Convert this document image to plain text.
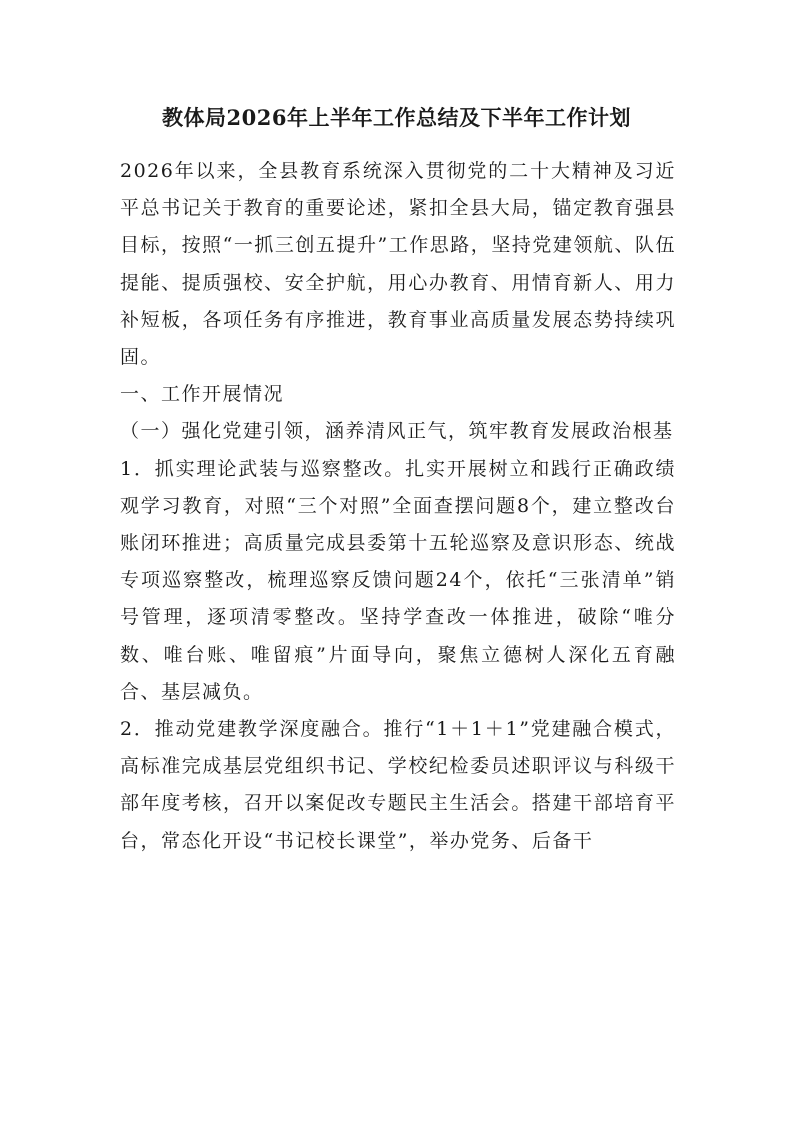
教体局2026年上半年工作总结及下半年工作计划

2026年以来，全县教育系统深入贯彻党的二十大精神及习近平总书记关于教育的重要论述，紧扣全县大局，锚定教育强县目标，按照“一抓三创五提升”工作思路，坚持党建领航、队伍提能、提质强校、安全护航，用心办教育、用情育新人、用力补短板，各项任务有序推进，教育事业高质量发展态势持续巩固。

一、工作开展情况

（一）强化党建引领，涵养清风正气，筑牢教育发展政治根基

1．抓实理论武装与巡察整改。扎实开展树立和践行正确政绩观学习教育，对照“三个对照”全面查摆问题8个，建立整改台账闭环推进；高质量完成县委第十五轮巡察及意识形态、统战专项巡察整改，梳理巡察反馈问题24个，依托“三张清单”销号管理，逐项清零整改。坚持学查改一体推进，破除“唯分数、唯台账、唯留痕”片面导向，聚焦立德树人深化五育融合、基层减负。

2．推动党建教学深度融合。推行“1＋1＋1”党建融合模式，高标准完成基层党组织书记、学校纪检委员述职评议与科级干部年度考核，召开以案促改专题民主生活会。搭建干部培育平台，常态化开设“书记校长课堂”，举办党务、后备干
